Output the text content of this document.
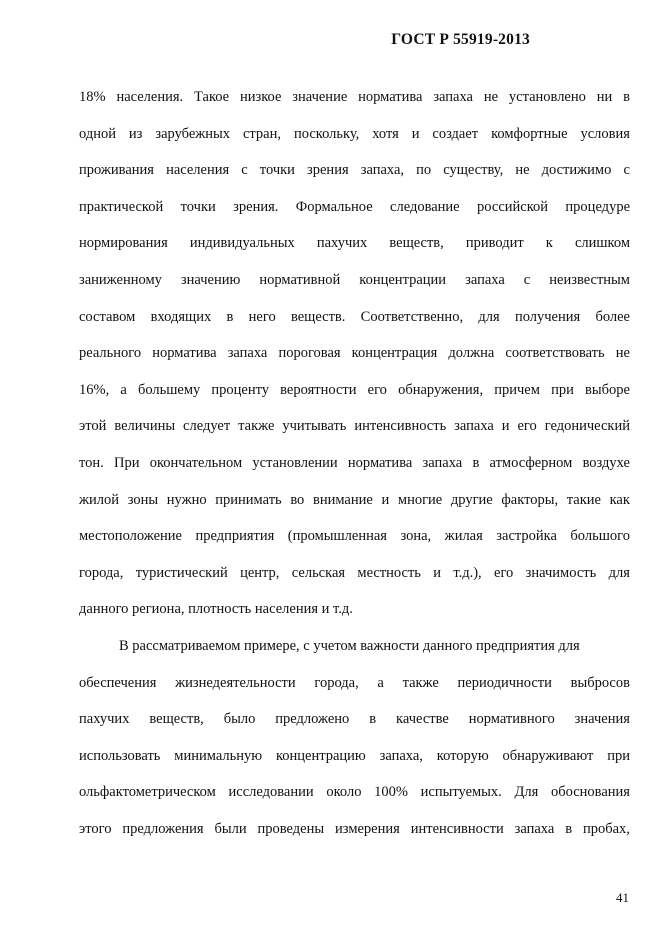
ГОСТ Р 55919-2013
18% населения. Такое низкое значение норматива запаха не установлено ни в
одной из зарубежных стран, поскольку, хотя и создает комфортные условия
проживания населения с точки зрения запаха, по существу, не достижимо с
практической точки зрения. Формальное следование российской процедуре
нормирования индивидуальных пахучих веществ, приводит к слишком
заниженному значению нормативной концентрации запаха с неизвестным
составом входящих в него веществ. Соответственно, для получения более
реального норматива запаха пороговая концентрация должна соответствовать не
16%, а большему проценту вероятности его обнаружения, причем при выборе
этой величины следует также учитывать интенсивность запаха и его гедонический
тон. При окончательном установлении норматива запаха в атмосферном воздухе
жилой зоны нужно принимать во внимание и многие другие факторы, такие как
местоположение предприятия (промышленная зона, жилая застройка большого
города, туристический центр, сельская местность и т.д.), его значимость для
данного региона, плотность населения и т.д.
В рассматриваемом примере, с учетом важности данного предприятия для
обеспечения жизнедеятельности города, а также периодичности выбросов
пахучих веществ, было предложено в качестве нормативного значения
использовать минимальную концентрацию запаха, которую обнаруживают при
ольфактометрическом исследовании около 100% испытуемых. Для обоснования
этого предложения были проведены измерения интенсивности запаха в пробах,
41
